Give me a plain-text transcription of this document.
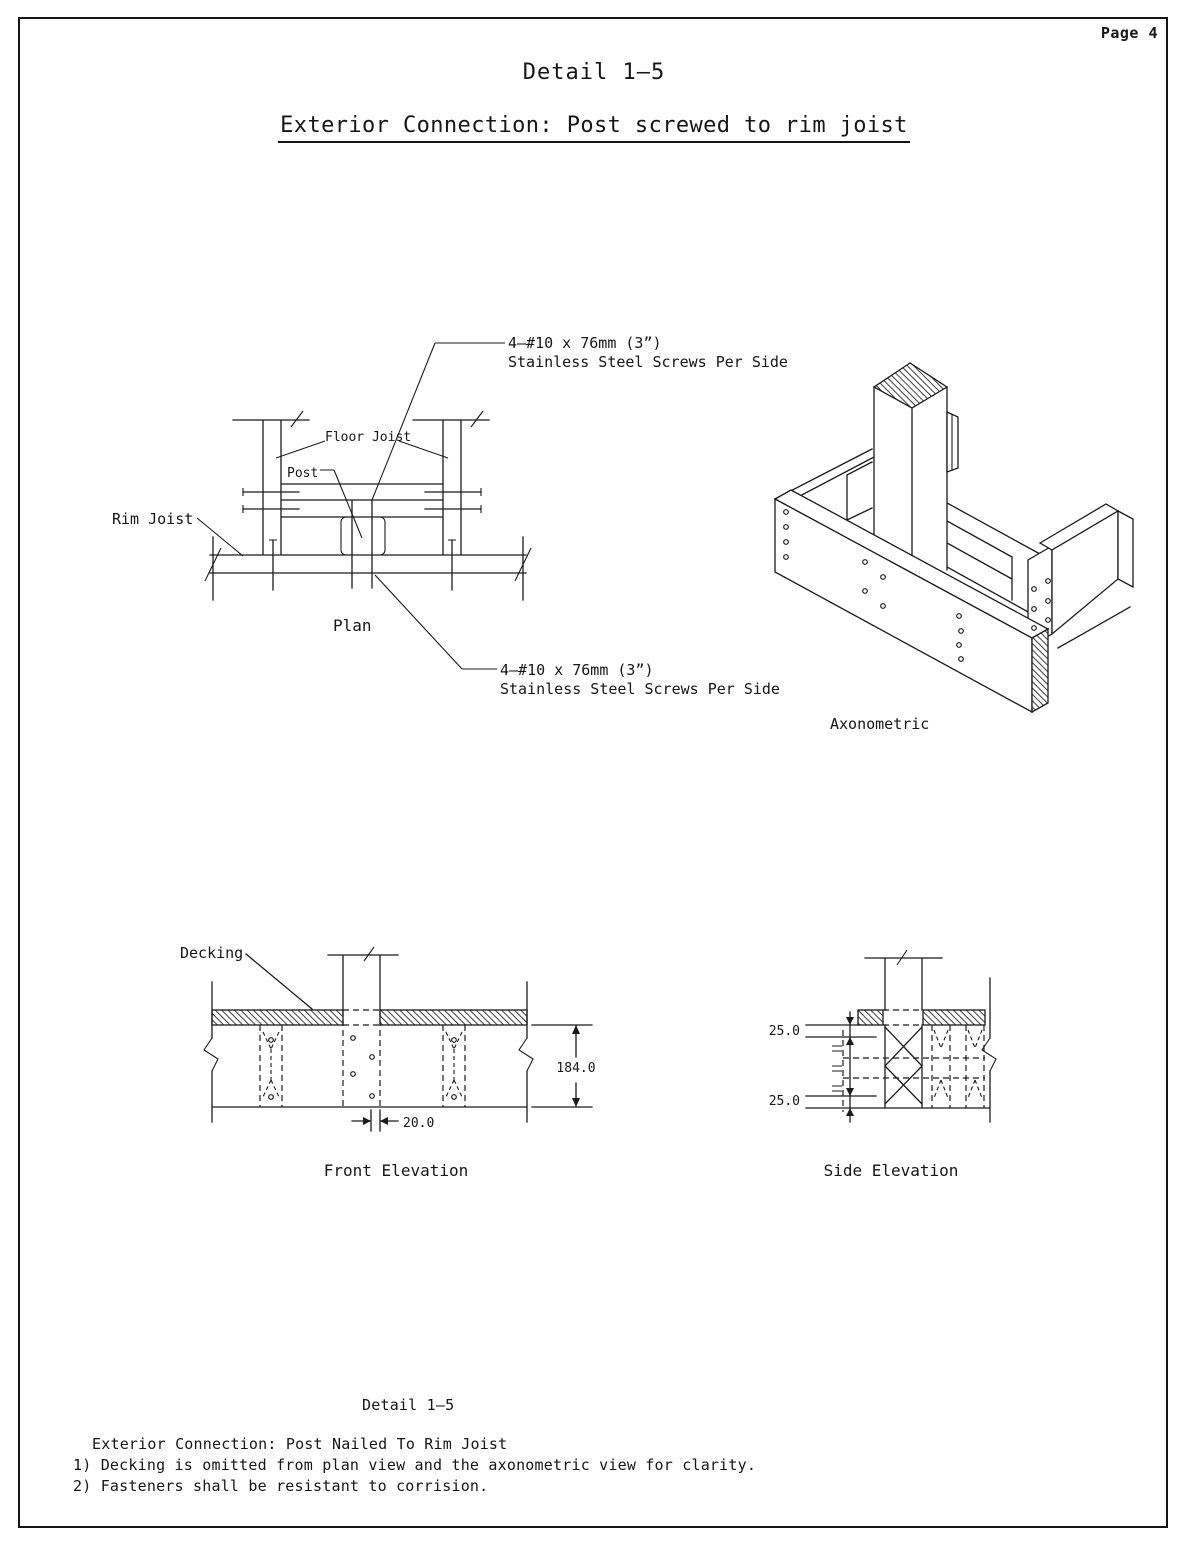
Page 4
Detail 1–5

Exterior Connection: Post screwed to rim joist
Floor Joist
Post
Rim Joist
Plan
4–#10 x 76mm (3”)
Stainless Steel Screws Per Side
4–#10 x 76mm (3”)
Stainless Steel Screws Per Side
Axonometric
Decking
184.0
20.0
Front Elevation
25.0
25.0
Side Elevation
Detail 1–5
Exterior Connection: Post Nailed To Rim Joist
1) Decking is omitted from plan view and the axonometric view for clarity.
2) Fasteners shall be resistant to corrision.
